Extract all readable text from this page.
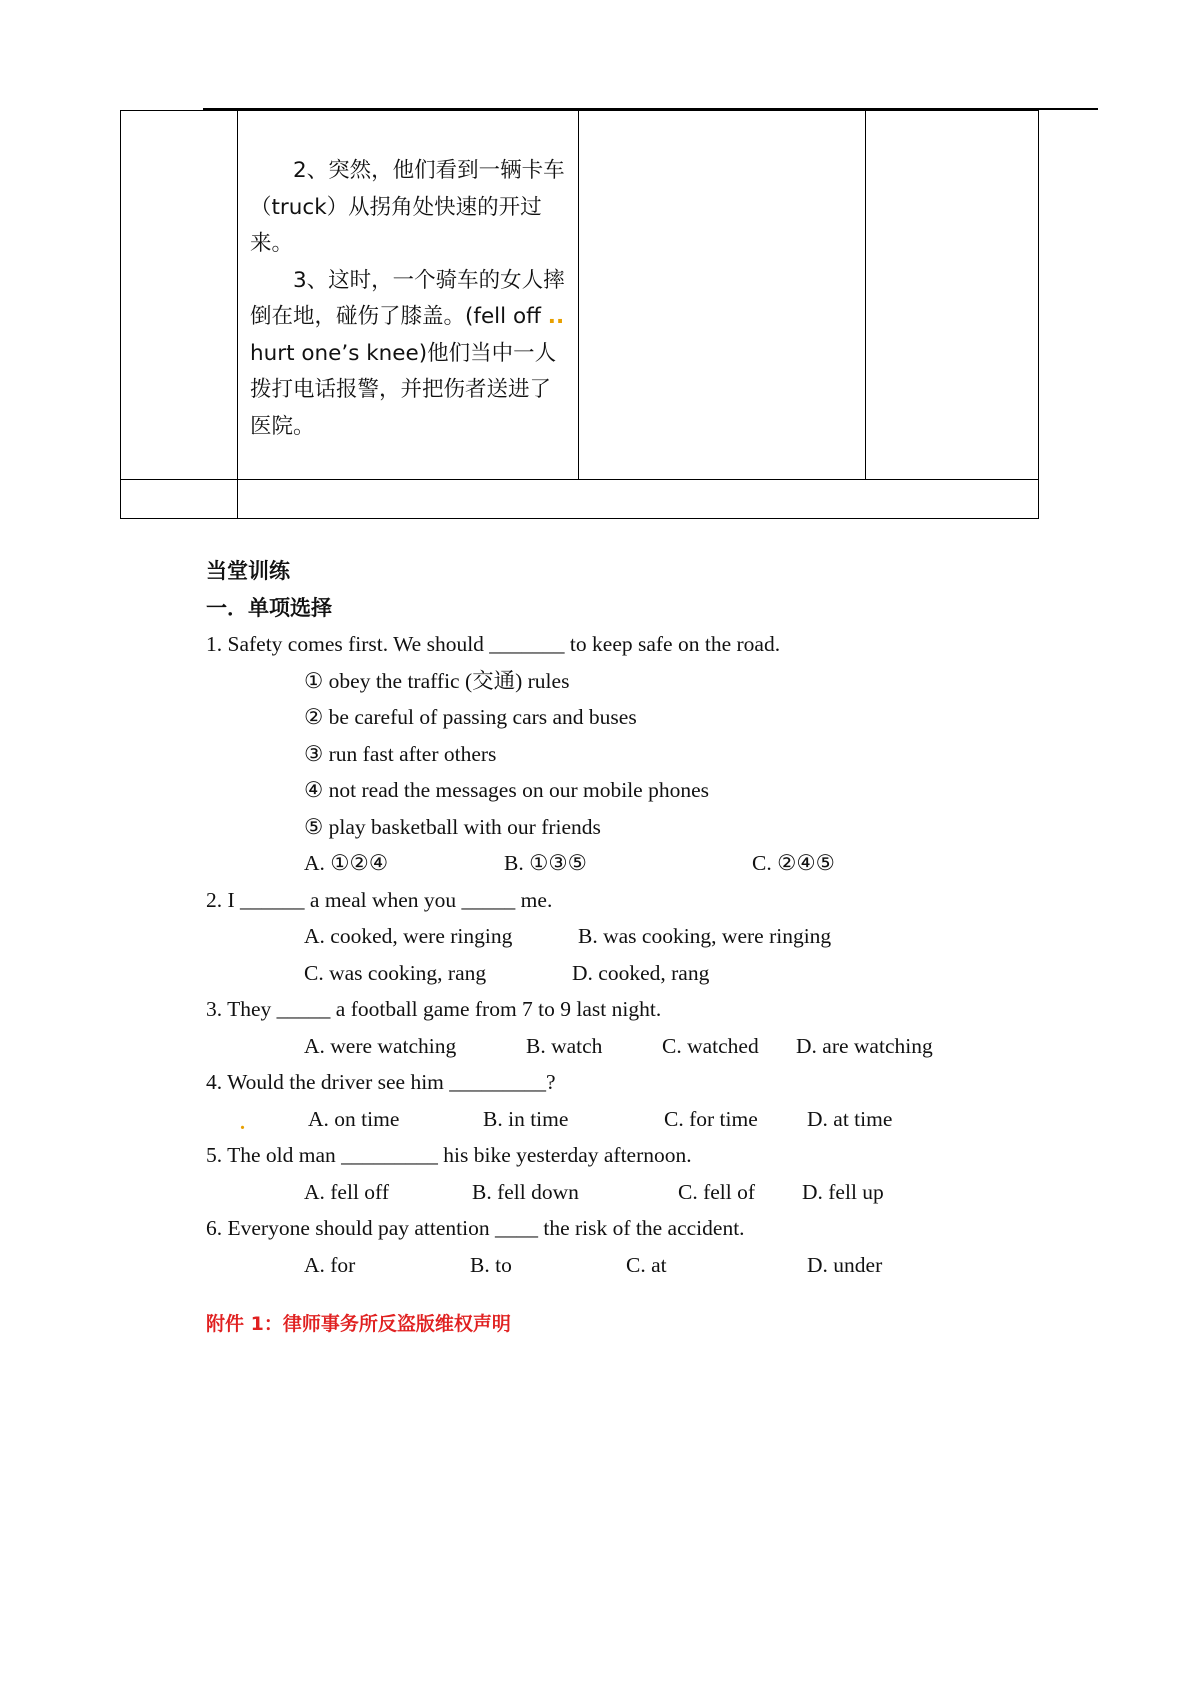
	2、突然，他们看到一辆卡车（truck）从拐角处快速的开过来。

3、这时，一个骑车的女人摔倒在地，碰伤了膝盖。(fell off .. hurt one’s knee)他们当中一人拨打电话报警，并把伤者送进了医院。		

当堂训练
一．单项选择
1. Safety comes first. We should _______ to keep safe on the road.
① obey the traffic (交通) rules
② be careful of passing cars and buses
③ run fast after others
④ not read the messages on our mobile phones
⑤ play basketball with our friends
A. ①②④	B. ①③⑤	C. ②④⑤
2. I ______ a meal when you _____ me.
A. cooked, were ringing	B. was cooking, were ringing
C. was cooking, rang	D. cooked, rang
3. They _____ a football game from 7 to 9 last night.
A. were watching	B. watch	C. watched D. are watching
4. Would the driver see him _________?
.	A. on time	B. in time	C. for time D. at time
5. The old man _________ his bike yesterday afternoon.
A. fell off	B. fell down	C. fell of D. fell up
6. Everyone should pay attention ____ the risk of the accident.
A. for	B. to	C. at	D. under
附件 1：律师事务所反盗版维权声明
